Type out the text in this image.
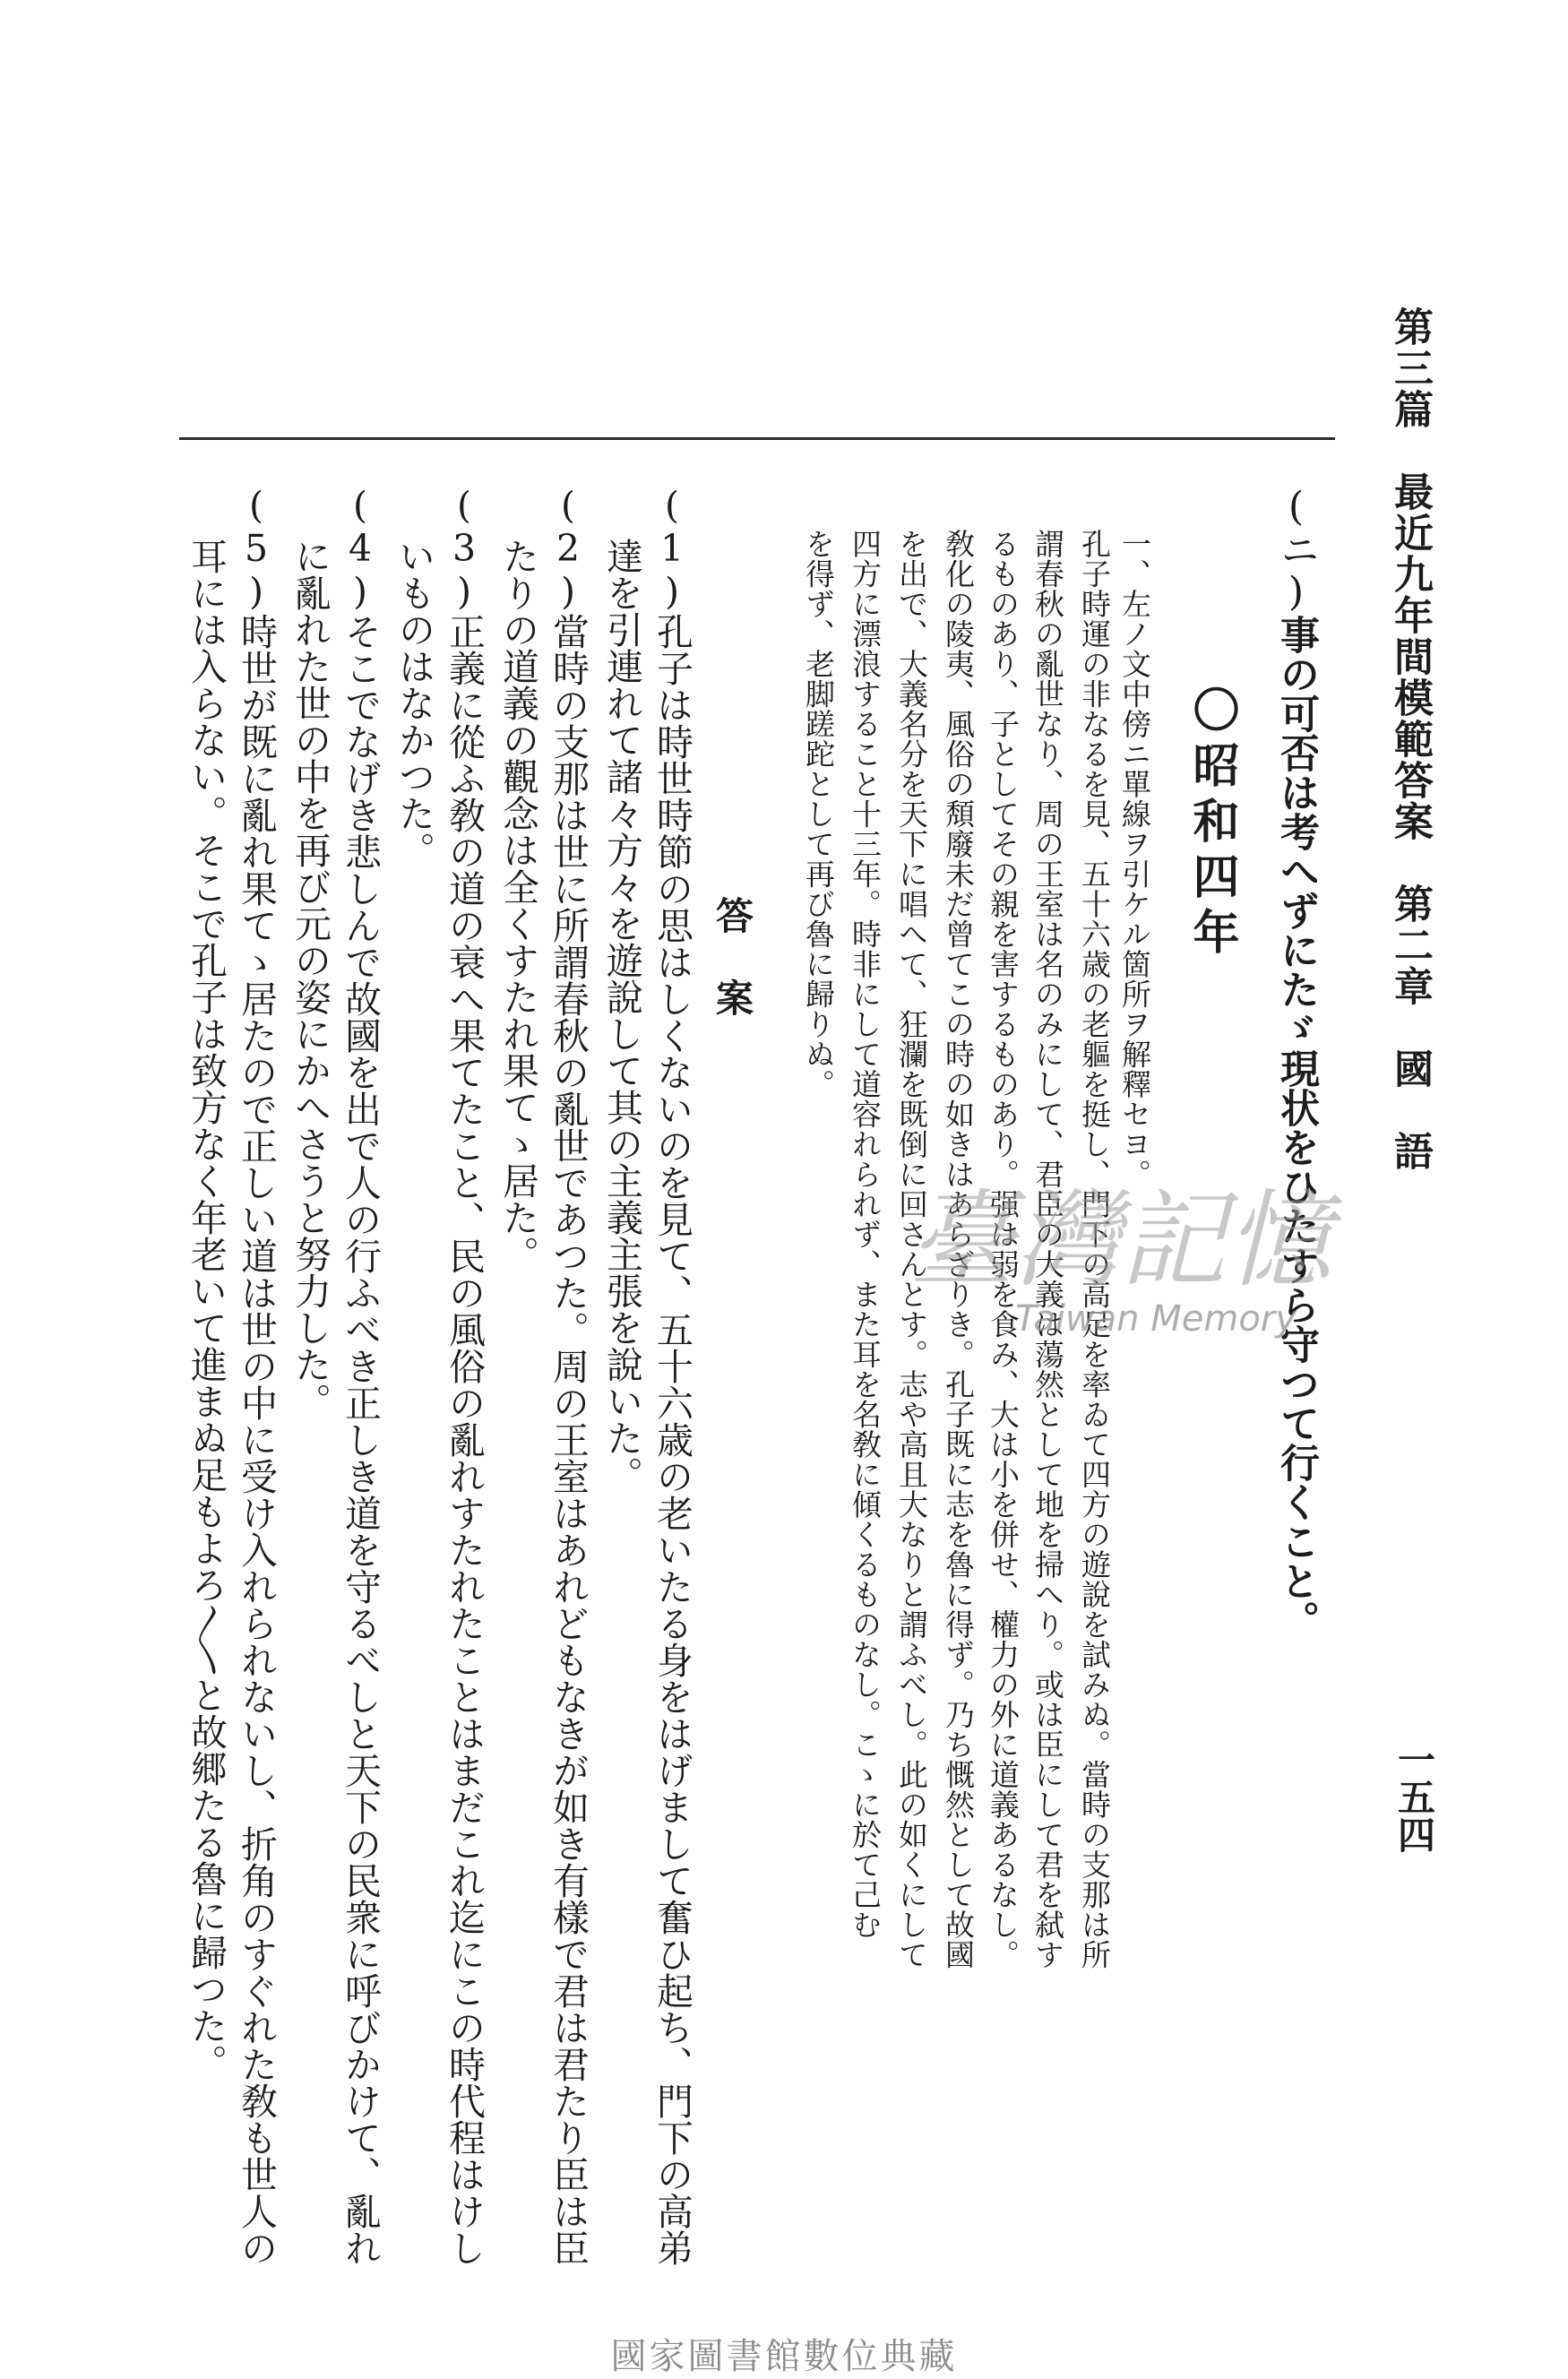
第三篇　最近九年間模範答案　第二章　國　語
一五四
(ニ)事の可否は考へずにたゞ現状をひたすら守つて行くこと。
〇昭和四年
一、左ノ文中傍ニ單線ヲ引ケル箇所ヲ解釋セヨ。
孔子時運の非なるを見、五十六歳の老軀を挺し、門下の高足を率ゐて四方の遊說を試みぬ。當時の支那は所
謂春秋の亂世なり、周の王室は名のみにして、君臣の大義は蕩然として地を掃へり。或は臣にして君を弑す
るものあり、子としてその親を害するものあり。强は弱を食み、大は小を併せ、權力の外に道義あるなし。
敎化の陵夷、風俗の頽廢未だ曾てこの時の如きはあらざりき。孔子既に志を魯に得ず。乃ち慨然として故國
を出で、大義名分を天下に唱へて、狂瀾を既倒に回さんとす。志や高且大なりと謂ふべし。此の如くにして
四方に漂浪すること十三年。時非にして道容れられず、また耳を名敎に傾くるものなし。こゝに於て己む
を得ず、老脚蹉跎として再び魯に歸りぬ。
答案
(1)孔子は時世時節の思はしくないのを見て、五十六歳の老いたる身をはげまして奮ひ起ち、門下の高弟
達を引連れて諸々方々を遊說して其の主義主張を說いた。
(2)當時の支那は世に所謂春秋の亂世であつた。周の王室はあれどもなきが如き有樣で君は君たり臣は臣
たりの道義の觀念は全くすたれ果てゝ居た。
(3)正義に從ふ敎の道の衰へ果てたこと、民の風俗の亂れすたれたことはまだこれ迄にこの時代程はけし
いものはなかつた。
(4)そこでなげき悲しんで故國を出で人の行ふべき正しき道を守るべしと天下の民衆に呼びかけて、亂れ
に亂れた世の中を再び元の姿にかへさうと努力した。
(5)時世が既に亂れ果てゝ居たので正しい道は世の中に受け入れられないし、折角のすぐれた敎も世人の
耳には入らない。そこで孔子は致方なく年老いて進まぬ足もよろ〳〵と故郷たる魯に歸つた。	臺灣記憶
Taiwan Memory
國家圖書館數位典藏
